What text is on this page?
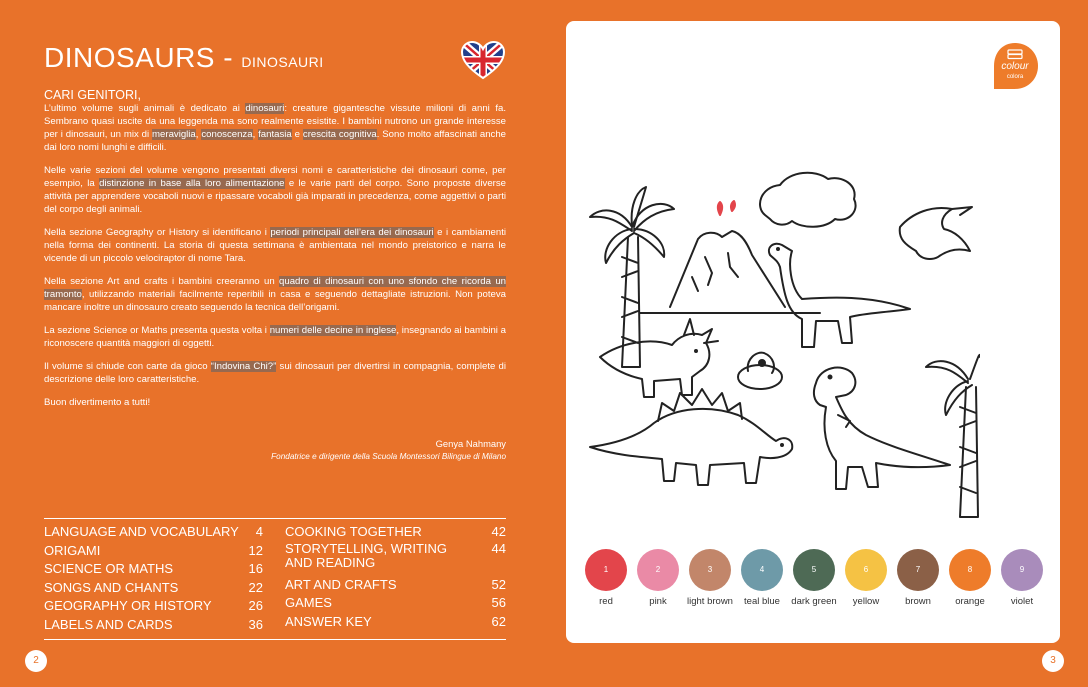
DINOSAURS - DINOSAURI

CARI GENITORI,

L’ultimo volume sugli animali è dedicato ai dinosauri: creature gigantesche vissute milioni di anni fa. Sembrano quasi uscite da una leggenda ma sono realmente esistite. I bambini nutrono un grande interesse per i dinosauri, un mix di meraviglia, conoscenza, fantasia e crescita cognitiva. Sono molto affascinati anche dai loro nomi lunghi e difficili.

Nelle varie sezioni del volume vengono presentati diversi nomi e caratteristiche dei dinosauri come, per esempio, la distinzione in base alla loro alimentazione e le varie parti del corpo. Sono proposte diverse attività per apprendere vocaboli nuovi e ripassare vocaboli già imparati in precedenza, come aggettivi o parti del corpo degli animali.

Nella sezione Geography or History si identificano i periodi principali dell’era dei dinosauri e i cambiamenti nella forma dei continenti. La storia di questa settimana è ambientata nel mondo preistorico e narra le vicende di un piccolo velociraptor di nome Tara.

Nella sezione Art and crafts i bambini creeranno un quadro di dinosauri con uno sfondo che ricorda un tramonto, utilizzando materiali facilmente reperibili in casa e seguendo dettagliate istruzioni. Non poteva mancare inoltre un dinosauro creato seguendo la tecnica dell’origami.

La sezione Science or Maths presenta questa volta i numeri delle decine in inglese, insegnando ai bambini a riconoscere quantità maggiori di oggetti.

Il volume si chiude con carte da gioco “Indovina Chi?” sui dinosauri per divertirsi in compagnia, complete di descrizione delle loro caratteristiche.

Buon divertimento a tutti!

Genya Nahmany
Fondatrice e dirigente della Scuola Montessori Bilingue di Milano
LANGUAGE AND VOCABULARY 4
ORIGAMI	12
SCIENCE OR MATHS	16
SONGS AND CHANTS	22
GEOGRAPHY OR HISTORY	26
LABELS AND CARDS	36
COOKING TOGETHER	42
STORYTELLING, WRITING AND READING
44
ART AND CRAFTS	52
GAMES	56
ANSWER KEY	62
2	3
colour
colora
1
red
2
pink
3
light brown
4
teal blue
5
dark green
6
yellow
7
brown
8
orange
9
violet
